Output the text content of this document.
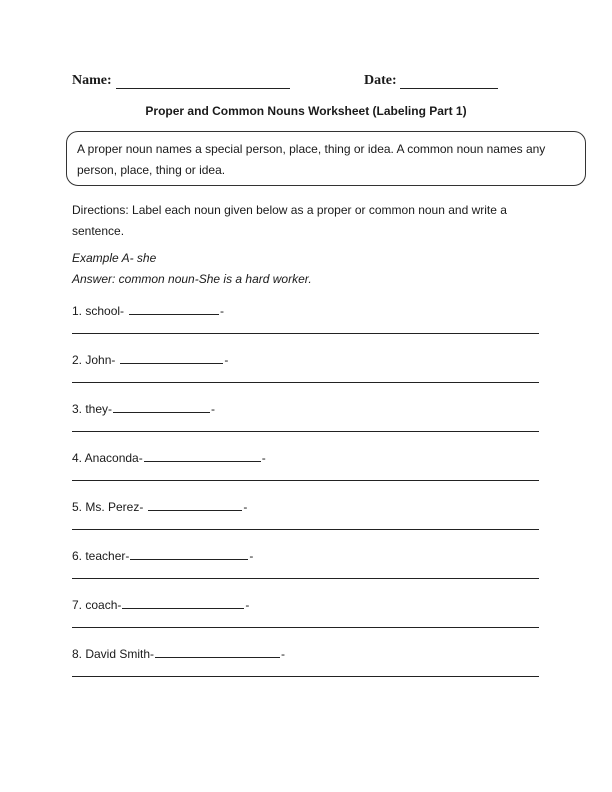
Name:	Date:
Proper and Common Nouns Worksheet (Labeling Part 1)
A proper noun names a special person, place, thing or idea. A common noun names any person, place, thing or idea.
Directions: Label each noun given below as a proper or common noun and write a sentence.
Example A- she
Answer: common noun-She is a hard worker.
1. school-	-
2. John-	-
3. they-	-
4. Anaconda-	-
5. Ms. Perez-	-
6. teacher-	-
7. coach-	-
8. David Smith-	-
